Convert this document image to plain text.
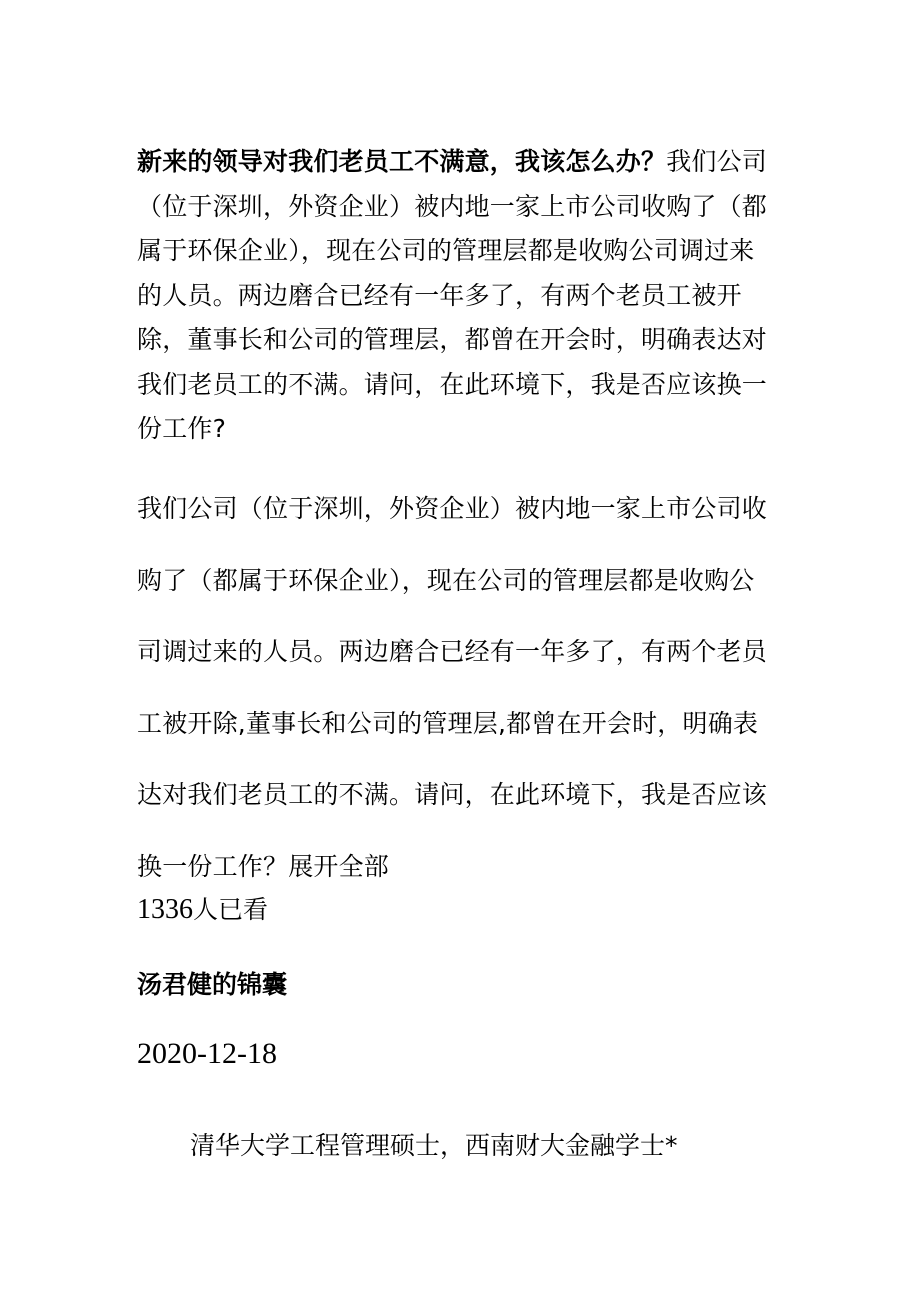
新来的领导对我们老员工不满意，我该怎么办？我们公司（位于深圳，外资企业）被内地一家上市公司收购了（都属于环保企业），现在公司的管理层都是收购公司调过来的人员。两边磨合已经有一年多了，有两个老员工被开除，董事长和公司的管理层，都曾在开会时，明确表达对我们老员工的不满。请问，在此环境下，我是否应该换一份工作?

我们公司（位于深圳，外资企业）被内地一家上市公司收购了（都属于环保企业），现在公司的管理层都是收购公司调过来的人员。两边磨合已经有一年多了，有两个老员工被开除,董事长和公司的管理层,都曾在开会时，明确表达对我们老员工的不满。请问，在此环境下，我是否应该换一份工作？展开全部

1336人已看

汤君健的锦囊

2020-12-18

清华大学工程管理硕士，西南财大金融学士*
